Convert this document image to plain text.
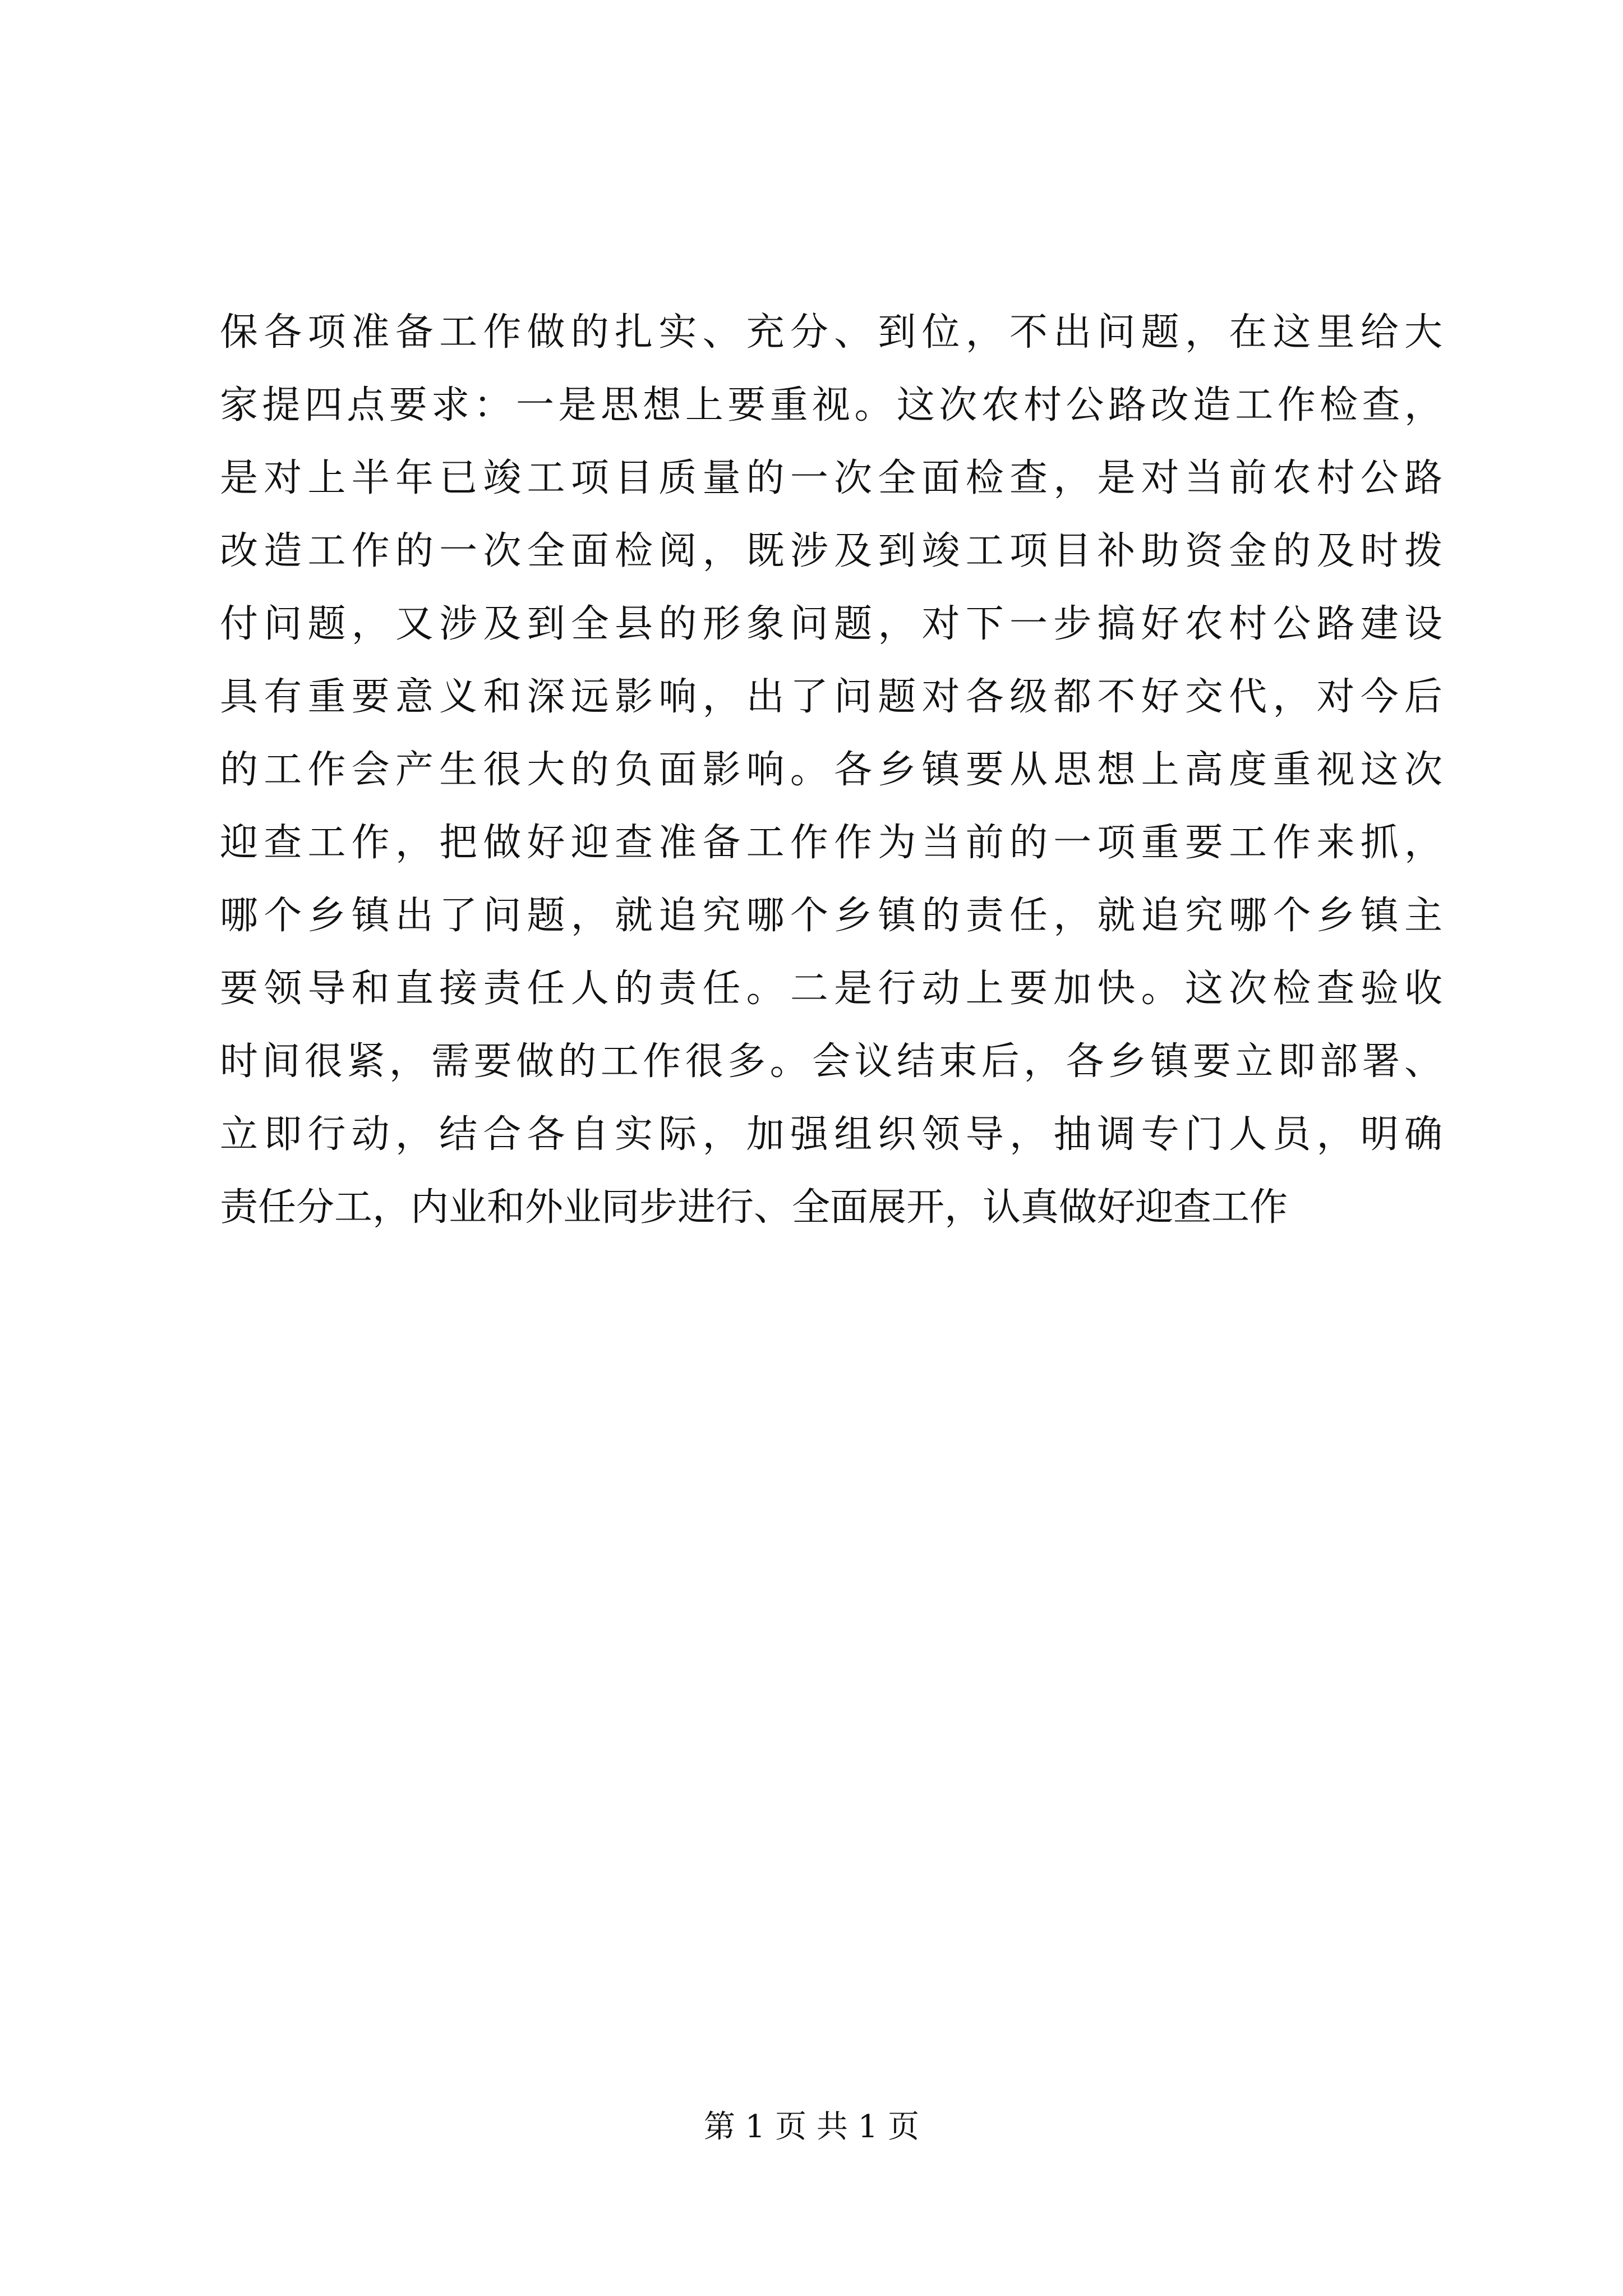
保各项准备工作做的扎实、充分、到位，不出问题，在这里给大
家提四点要求：一是思想上要重视。这次农村公路改造工作检查，
是对上半年已竣工项目质量的一次全面检查，是对当前农村公路
改造工作的一次全面检阅，既涉及到竣工项目补助资金的及时拨
付问题，又涉及到全县的形象问题，对下一步搞好农村公路建设
具有重要意义和深远影响，出了问题对各级都不好交代，对今后
的工作会产生很大的负面影响。各乡镇要从思想上高度重视这次
迎查工作，把做好迎查准备工作作为当前的一项重要工作来抓，
哪个乡镇出了问题，就追究哪个乡镇的责任，就追究哪个乡镇主
要领导和直接责任人的责任。二是行动上要加快。这次检查验收
时间很紧，需要做的工作很多。会议结束后，各乡镇要立即部署、
立即行动，结合各自实际，加强组织领导，抽调专门人员，明确
责任分工，内业和外业同步进行、全面展开，认真做好迎查工作
第 1 页 共 1 页
